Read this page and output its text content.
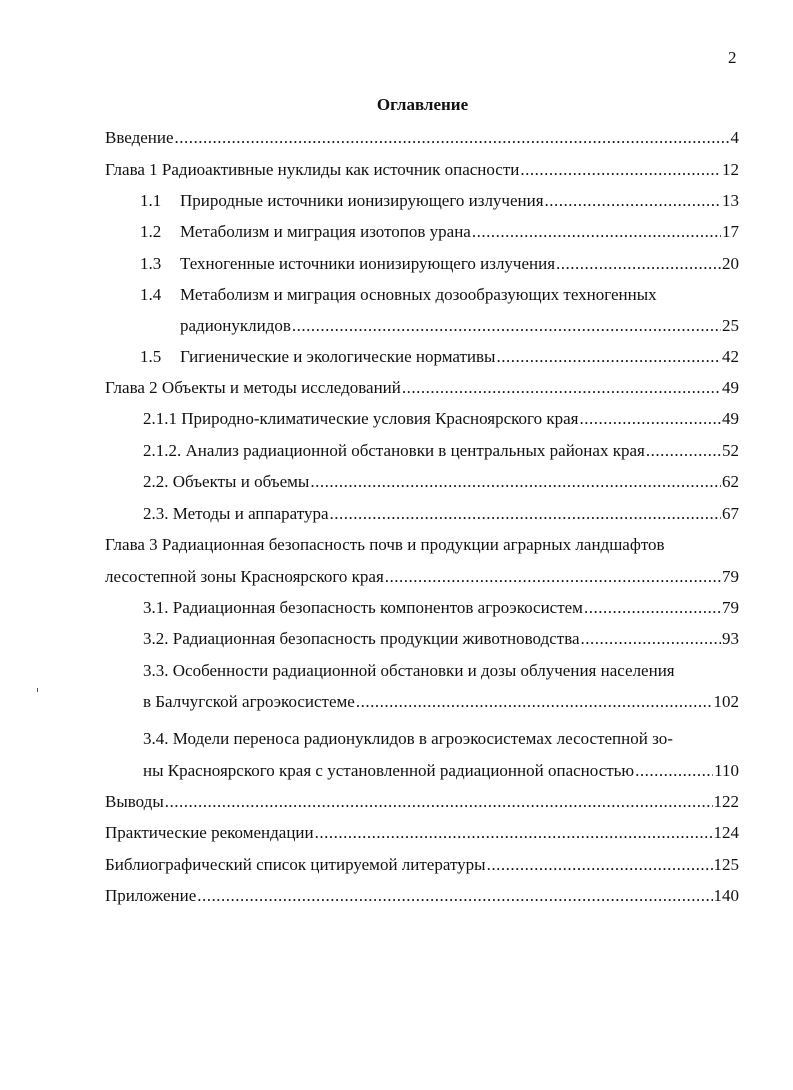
2
Оглавление
Введение .....	4
Глава 1 Радиоактивные нуклиды как источник опасности .....	12
1.1	Природные источники ионизирующего излучения .....	13
1.2	Метаболизм и миграция изотопов урана .....	17
1.3	Техногенные источники ионизирующего излучения .....	20
1.4	Метаболизм и миграция основных дозообразующих техногенных
радионуклидов .....	25
1.5	Гигиенические и экологические нормативы .....	42
Глава 2 Объекты и методы исследований .....	49
2.1.1 Природно-климатические условия Красноярского края .....	49
2.1.2. Анализ радиационной обстановки в центральных районах края .....	52
2.2. Объекты и объемы .....	62
2.3. Методы и аппаратура .....	67
Глава 3 Радиационная безопасность почв и продукции аграрных ландшафтов
лесостепной зоны Красноярского края .....	79
3.1. Радиационная безопасность компонентов агроэкосистем .....	79
3.2. Радиационная безопасность продукции животноводства .....	93
3.3. Особенности радиационной обстановки и дозы облучения населения
в Балчугской агроэкосистеме .....	102
3.4. Модели переноса радионуклидов в агроэкосистемах лесостепной зо-
ны Красноярского края с установленной радиационной опасностью .....	110
Выводы .....	122
Практические рекомендации .....	124
Библиографический список цитируемой литературы .....	125
Приложение .....	140
